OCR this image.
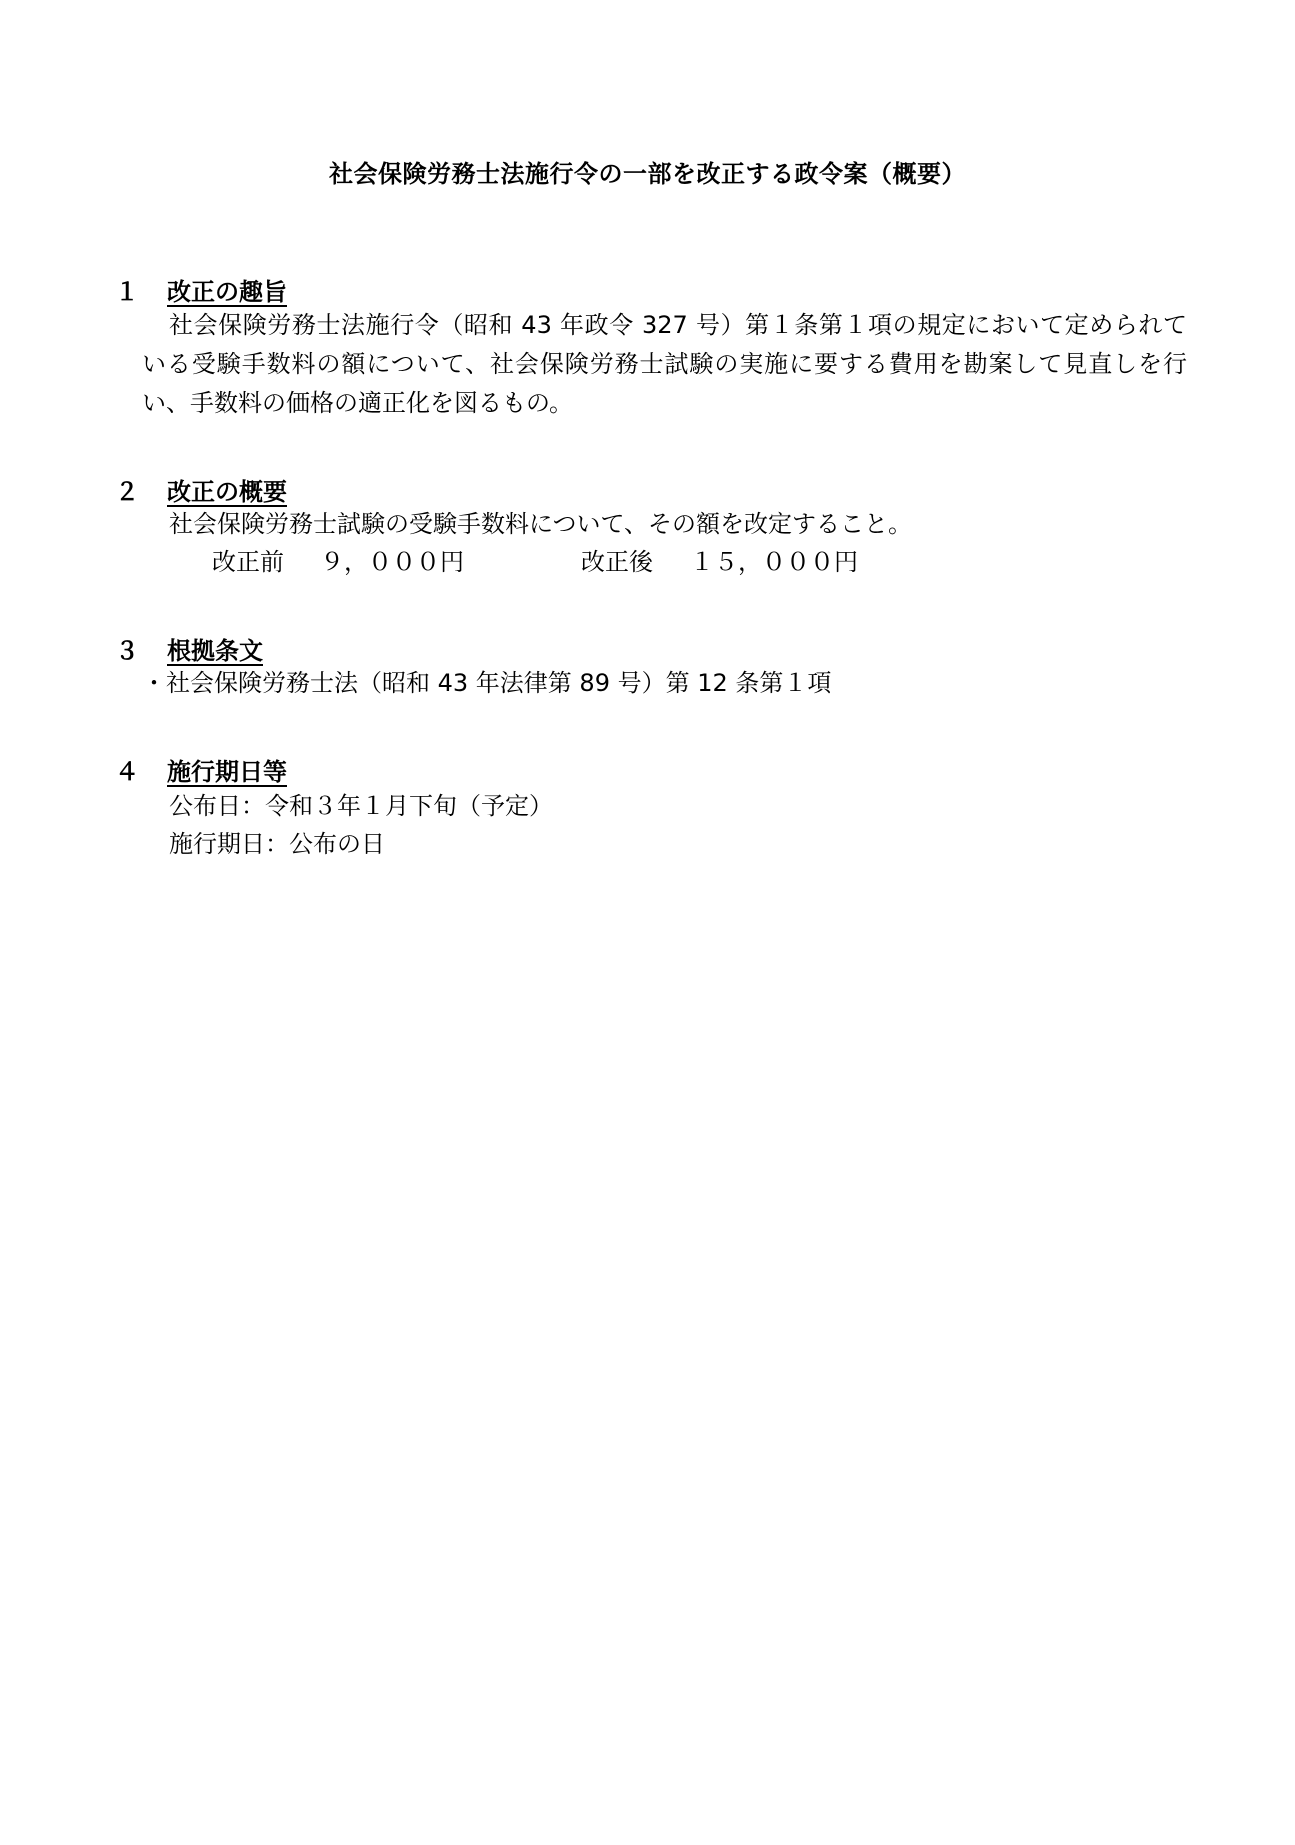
社会保険労務士法施行令の一部を改正する政令案（概要）
１ 改正の趣旨
社会保険労務士法施行令（昭和 43 年政令 327 号）第１条第１項の規定において定められている受験手数料の額について、社会保険労務士試験の実施に要する費用を勘案して見直しを行い、手数料の価格の適正化を図るもの。
２ 改正の概要
社会保険労務士試験の受験手数料について、その額を改定すること。
改正前 ９，０００円	改正後 １５，０００円
３ 根拠条文
・社会保険労務士法（昭和 43 年法律第 89 号）第 12 条第１項
４ 施行期日等
公布日：令和３年１月下旬（予定）
施行期日：公布の日
